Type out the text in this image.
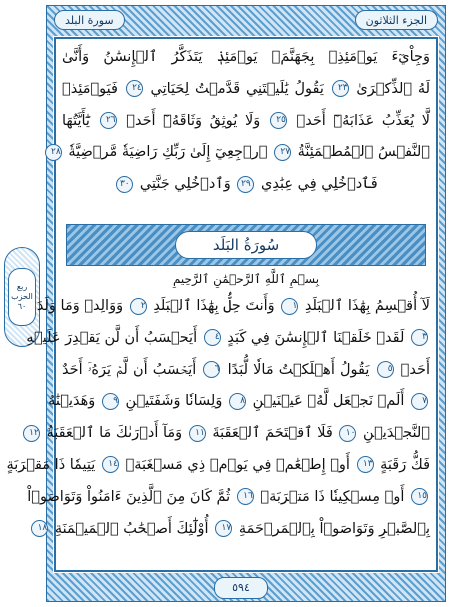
سورة البلد	الجزء الثلاثون
ربع
الحزب
٦٠
وَجِاْيٓءَ يَوۡمَئِذِۭ بِجَهَنَّمَۚ يَوۡمَئِذٖ يَتَذَكَّرُ ٱلۡإِنسَٰنُ وَأَنَّىٰ
لَهُ ٱلذِّكۡرَىٰ ٢٣ يَقُولُ يَٰلَيۡتَنِي قَدَّمۡتُ لِحَيَاتِي ٢٤ فَيَوۡمَئِذٖ
لَّا يُعَذِّبُ عَذَابَهُۥٓ أَحَدٞ ٢٥ وَلَا يُوثِقُ وَثَاقَهُۥٓ أَحَدٞ ٢٦ يَٰٓأَيَّتُهَا
ٱلنَّفۡسُ ٱلۡمُطۡمَئِنَّةُ ٢٧ ٱرۡجِعِيٓ إِلَىٰ رَبِّكِ رَاضِيَةٗ مَّرۡضِيَّةٗ ٢٨
فَٱدۡخُلِي فِي عِبَٰدِي ٢٩ وَٱدۡخُلِي جَنَّتِي ٣٠
سُورَةُ البَلَد
بِسۡمِ ٱللَّهِ ٱلرَّحۡمَٰنِ ٱلرَّحِيمِ
لَآ أُقۡسِمُ بِهَٰذَا ٱلۡبَلَدِ ١ وَأَنتَ حِلُّۢ بِهَٰذَا ٱلۡبَلَدِ ٢ وَوَالِدٖ وَمَا وَلَدَ
٣ لَقَدۡ خَلَقۡنَا ٱلۡإِنسَٰنَ فِي كَبَدٍ ٤ أَيَحۡسَبُ أَن لَّن يَقۡدِرَ عَلَيۡهِ
أَحَدٞ ٥ يَقُولُ أَهۡلَكۡتُ مَالٗا لُّبَدًا ٦ أَيَحۡسَبُ أَن لَّمۡ يَرَهُۥٓ أَحَدٌ
٧ أَلَمۡ نَجۡعَل لَّهُۥ عَيۡنَيۡنِ ٨ وَلِسَانٗا وَشَفَتَيۡنِ ٩ وَهَدَيۡنَٰهُ
ٱلنَّجۡدَيۡنِ ١٠ فَلَا ٱقۡتَحَمَ ٱلۡعَقَبَةَ ١١ وَمَآ أَدۡرَىٰكَ مَا ٱلۡعَقَبَةُ ١٢
فَكُّ رَقَبَةٍ ١٣ أَوۡ إِطۡعَٰمٞ فِي يَوۡمٖ ذِي مَسۡغَبَةٖ ١٤ يَتِيمٗا ذَا مَقۡرَبَةٍ
١٥ أَوۡ مِسۡكِينٗا ذَا مَتۡرَبَةٖ ١٦ ثُمَّ كَانَ مِنَ ٱلَّذِينَ ءَامَنُواْ وَتَوَاصَوۡاْ
بِٱلصَّبۡرِ وَتَوَاصَوۡاْ بِٱلۡمَرۡحَمَةِ ١٧ أُوْلَٰٓئِكَ أَصۡحَٰبُ ٱلۡمَيۡمَنَةِ ١٨
٥٩٤
